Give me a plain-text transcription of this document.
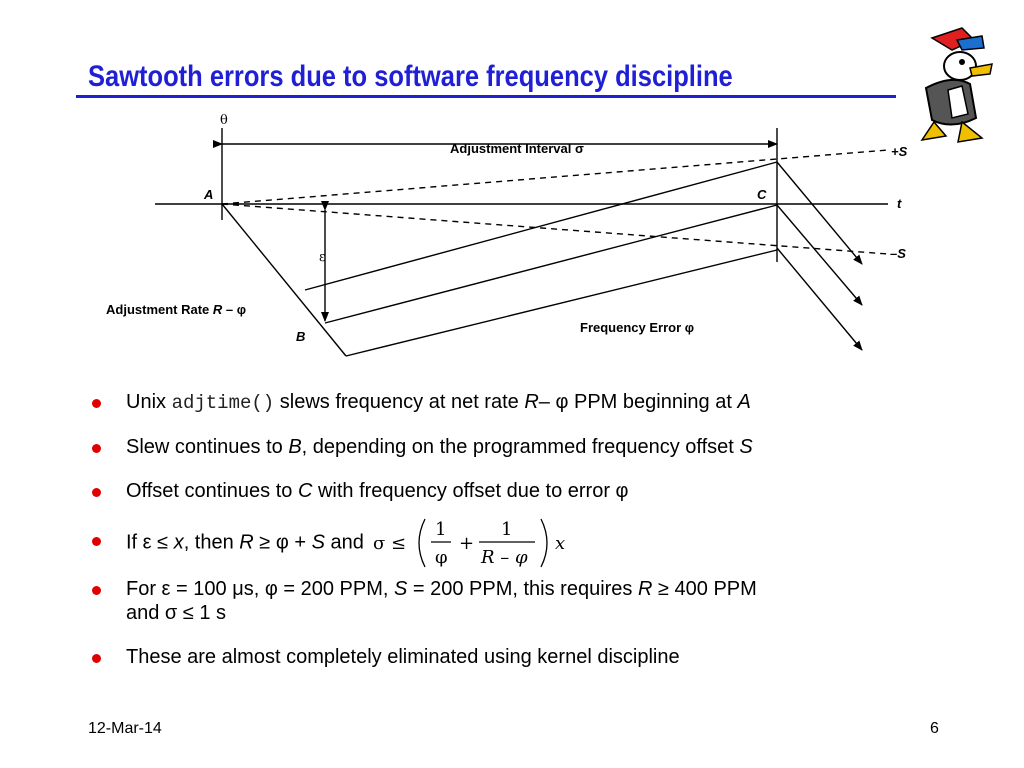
Sawtooth errors due to software frequency discipline
θ
Adjustment Interval σ	+S
A	C
t
ε	–S
Adjustment Rate R – φ
B
Frequency Error φ
Unix adjtime() slews frequency at net rate R– φ PPM beginning at A
Slew continues to B, depending on the programmed frequency offset S
Offset continues to C with frequency offset due to error φ
If ε ≤ x, then R ≥ φ + S and σ ≤
1
φ
+
1
R – φ
x
For ε = 100 μs, φ = 200 PPM, S = 200 PPM, this requires R ≥ 400 PPM
and σ ≤ 1 s
These are almost completely eliminated using kernel discipline
12-Mar-14	6
